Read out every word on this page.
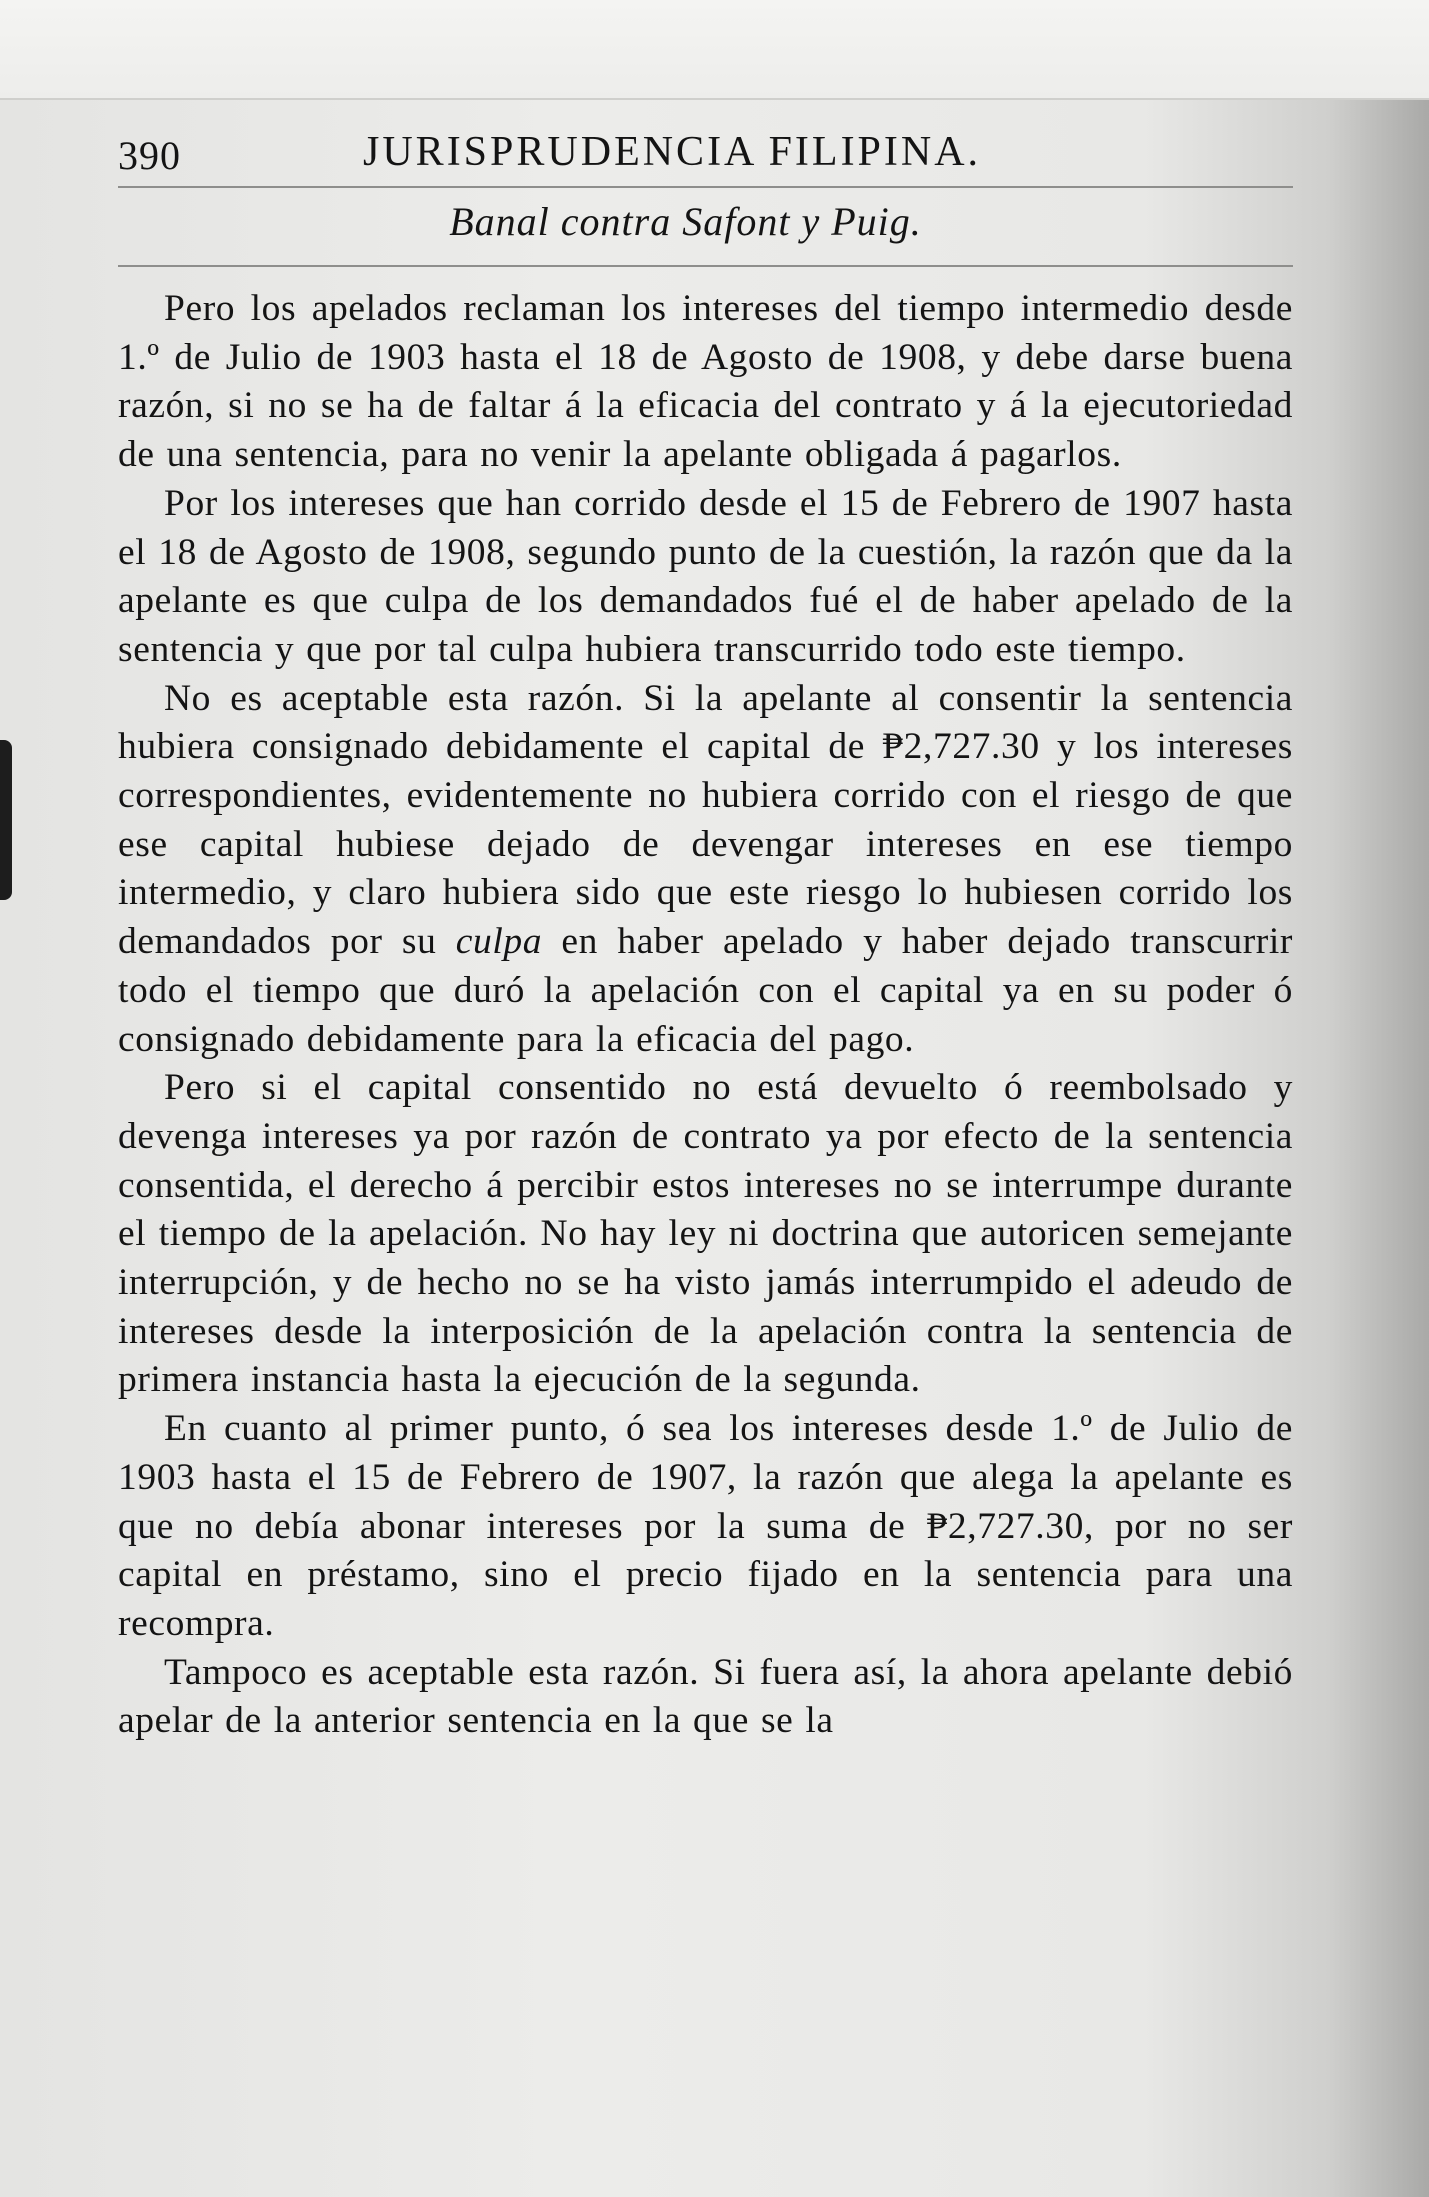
390	JURISPRUDENCIA FILIPINA.
Banal contra Safont y Puig.

Pero los apelados reclaman los intereses del tiempo intermedio desde 1.º de Julio de 1903 hasta el 18 de Agosto de 1908, y debe darse buena razón, si no se ha de faltar á la eficacia del contrato y á la ejecutoriedad de una sentencia, para no venir la apelante obligada á pagarlos.

Por los intereses que han corrido desde el 15 de Febrero de 1907 hasta el 18 de Agosto de 1908, segundo punto de la cuestión, la razón que da la apelante es que culpa de los demandados fué el de haber apelado de la sentencia y que por tal culpa hubiera transcurrido todo este tiempo.

No es aceptable esta razón. Si la apelante al consentir la sentencia hubiera consignado debidamente el capital de ₱2,727.30 y los intereses correspondientes, evidentemente no hubiera corrido con el riesgo de que ese capital hubiese dejado de devengar intereses en ese tiempo intermedio, y claro hubiera sido que este riesgo lo hubiesen corrido los demandados por su culpa en haber apelado y haber dejado transcurrir todo el tiempo que duró la apelación con el capital ya en su poder ó consignado debidamente para la eficacia del pago.

Pero si el capital consentido no está devuelto ó reembolsado y devenga intereses ya por razón de contrato ya por efecto de la sentencia consentida, el derecho á percibir estos intereses no se interrumpe durante el tiempo de la apelación. No hay ley ni doctrina que autoricen semejante interrupción, y de hecho no se ha visto jamás interrumpido el adeudo de intereses desde la interposición de la apelación contra la sentencia de primera instancia hasta la ejecución de la segunda.

En cuanto al primer punto, ó sea los intereses desde 1.º de Julio de 1903 hasta el 15 de Febrero de 1907, la razón que alega la apelante es que no debía abonar intereses por la suma de ₱2,727.30, por no ser capital en préstamo, sino el precio fijado en la sentencia para una recompra.

Tampoco es aceptable esta razón. Si fuera así, la ahora apelante debió apelar de la anterior sentencia en la que se la
